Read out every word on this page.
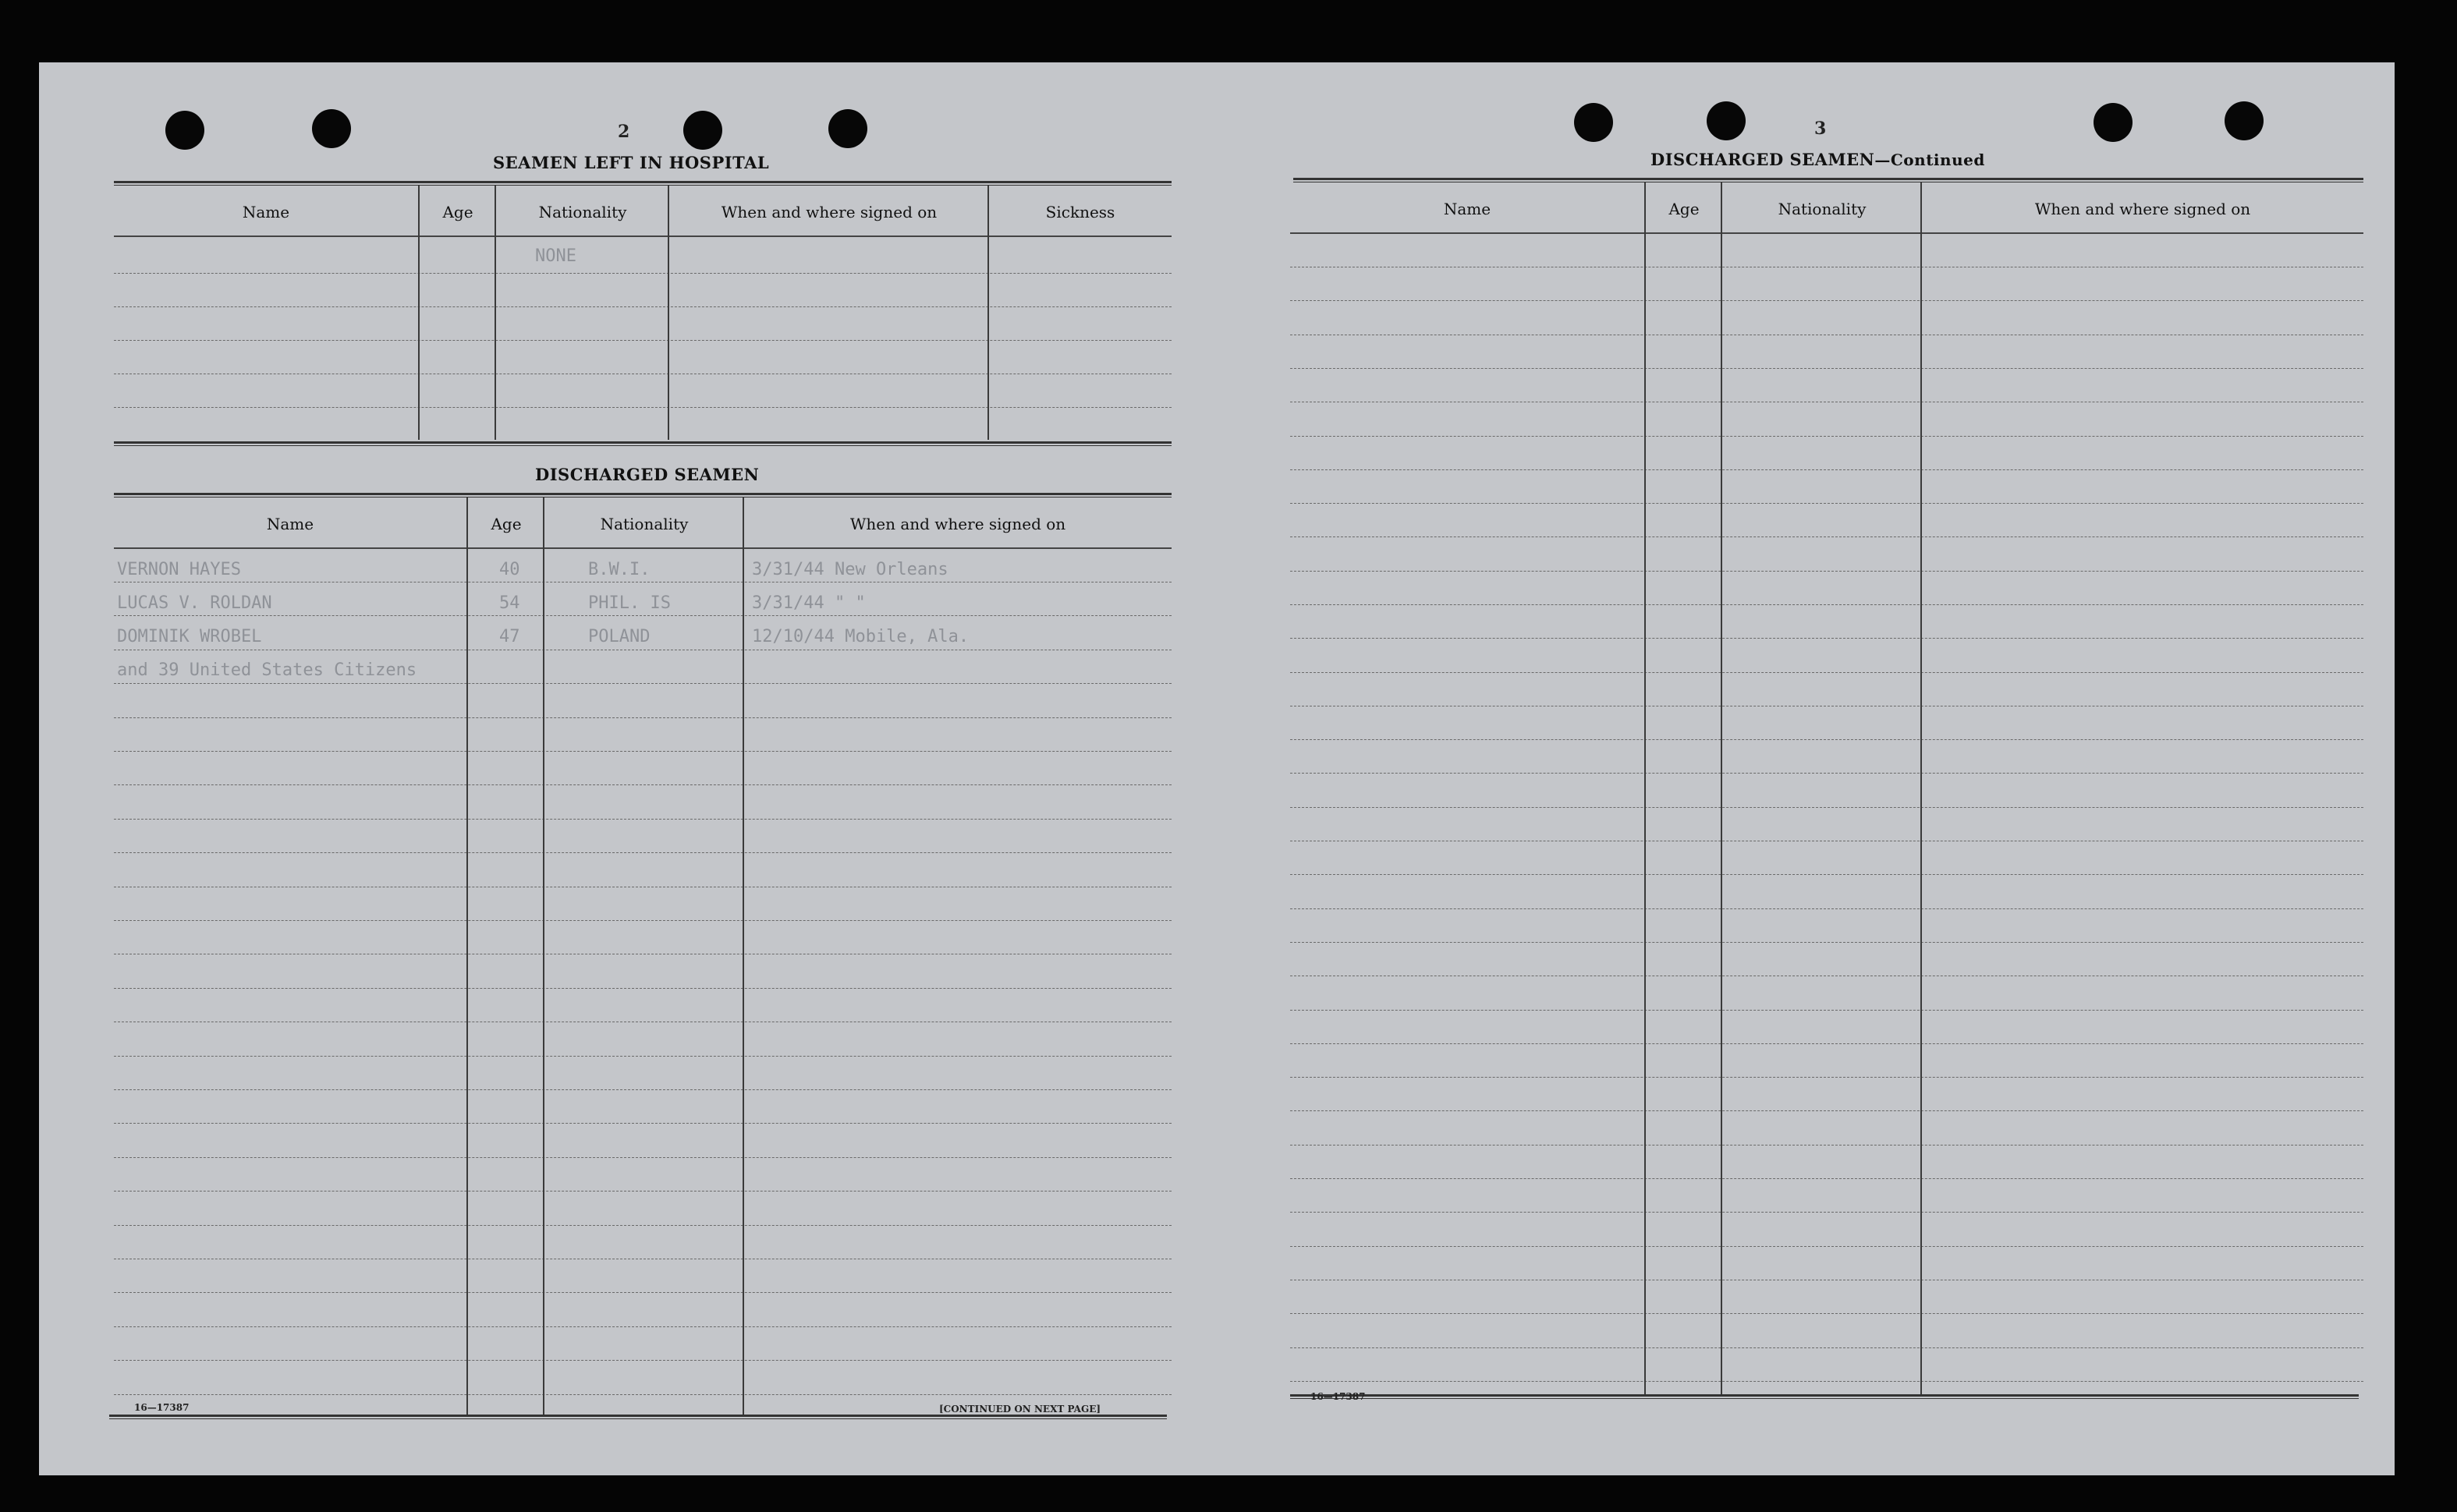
2
SEAMEN LEFT IN HOSPITAL
Name	Age	Nationality	When and where signed on	Sickness
NONE
DISCHARGED SEAMEN
Name	Age	Nationality	When and where signed on
VERNON HAYES	40	B.W.I.	3/31/44 New Orleans
LUCAS V. ROLDAN	54	PHIL. IS	3/31/44 " "
DOMINIK WROBEL	47	POLAND	12/10/44 Mobile, Ala.
and 39 United States Citizens
16—17387	[CONTINUED ON NEXT PAGE]
3
DISCHARGED SEAMEN—Continued
Name	Age	Nationality	When and where signed on
16—17387
